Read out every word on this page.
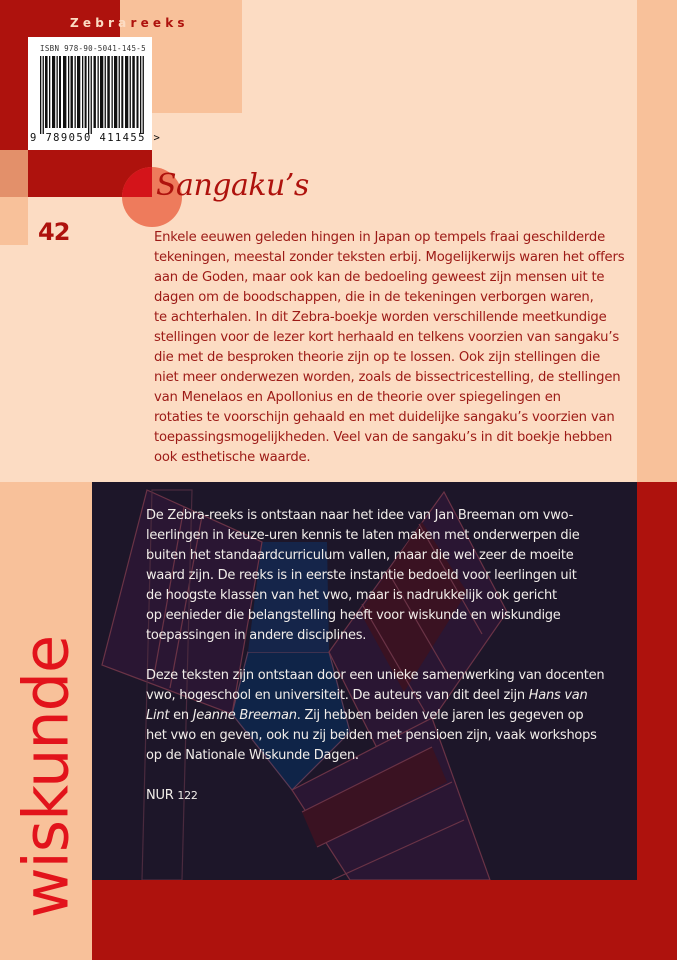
Zebrareeks
ISBN 978-90-5041-145-5
9 789050 411455 >
Sangaku’s
42	Enkele eeuwen geleden hingen in Japan op tempels fraai geschilderde
tekeningen, meestal zonder teksten erbij. Mogelijkerwijs waren het offers
aan de Goden, maar ook kan de bedoeling geweest zijn mensen uit te
dagen om de boodschappen, die in de tekeningen verborgen waren,
te achterhalen. In dit Zebra-boekje worden verschillende meetkundige
stellingen voor de lezer kort herhaald en telkens voorzien van sangaku’s
die met de besproken theorie zijn op te lossen. Ook zijn stellingen die
niet meer onderwezen worden, zoals de bissectricestelling, de stellingen
van Menelaos en Apollonius en de theorie over spiegelingen en
rotaties te voorschijn gehaald en met duidelijke sangaku’s voorzien van
toepassingsmogelijkheden. Veel van de sangaku’s in dit boekje hebben
ook esthetische waarde.
wiskunde
De Zebra-reeks is ontstaan naar het idee van Jan Breeman om vwo-
leerlingen in keuze-uren kennis te laten maken met onderwerpen die
buiten het standaardcurriculum vallen, maar die wel zeer de moeite
waard zijn. De reeks is in eerste instantie bedoeld voor leerlingen uit
de hoogste klassen van het vwo, maar is nadrukkelijk ook gericht
op eenieder die belangstelling heeft voor wiskunde en wiskundige
toepassingen in andere disciplines.
Deze teksten zijn ontstaan door een unieke samenwerking van docenten
vwo, hogeschool en universiteit. De auteurs van dit deel zijn Hans van
Lint en Jeanne Breeman. Zij hebben beiden vele jaren les gegeven op
het vwo en geven, ook nu zij beiden met pensioen zijn, vaak workshops
op de Nationale Wiskunde Dagen.
NUR 122
